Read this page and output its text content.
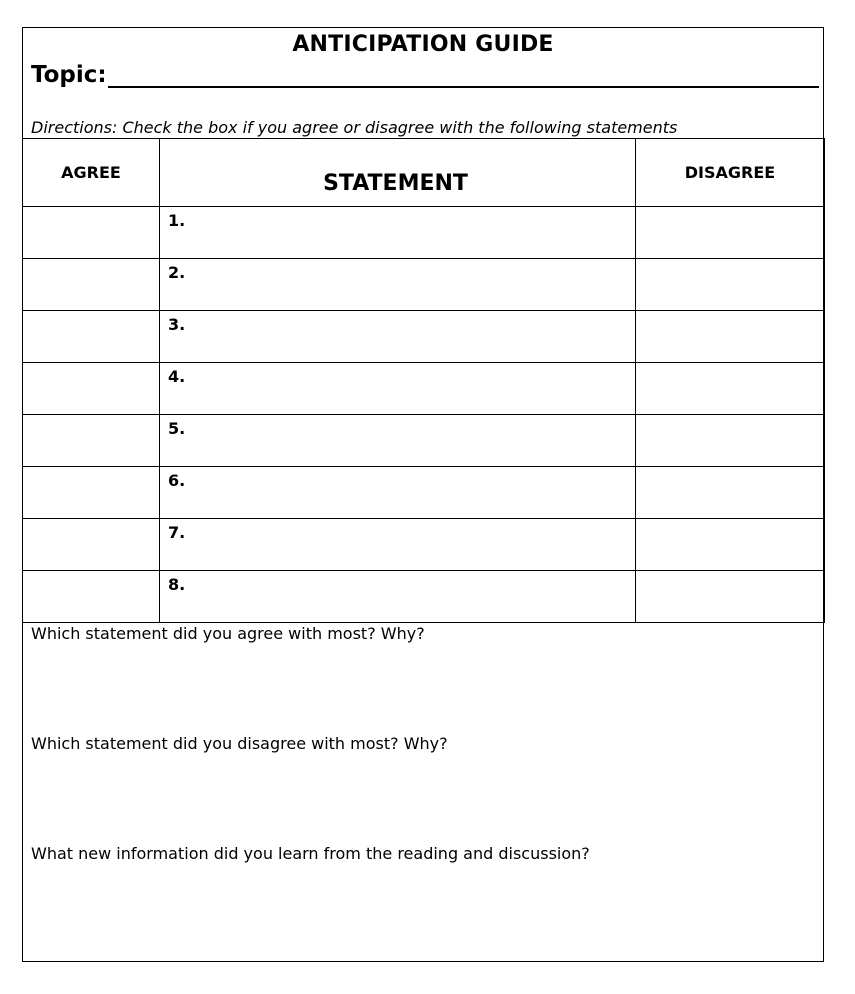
ANTICIPATION GUIDE
Topic:
Directions: Check the box if you agree or disagree with the following statements
AGREE	STATEMENT	DISAGREE
	1.	
	2.	
	3.	
	4.	
	5.	
	6.	
	7.	
	8.	
Which statement did you agree with most? Why?
Which statement did you disagree with most? Why?
What new information did you learn from the reading and discussion?
